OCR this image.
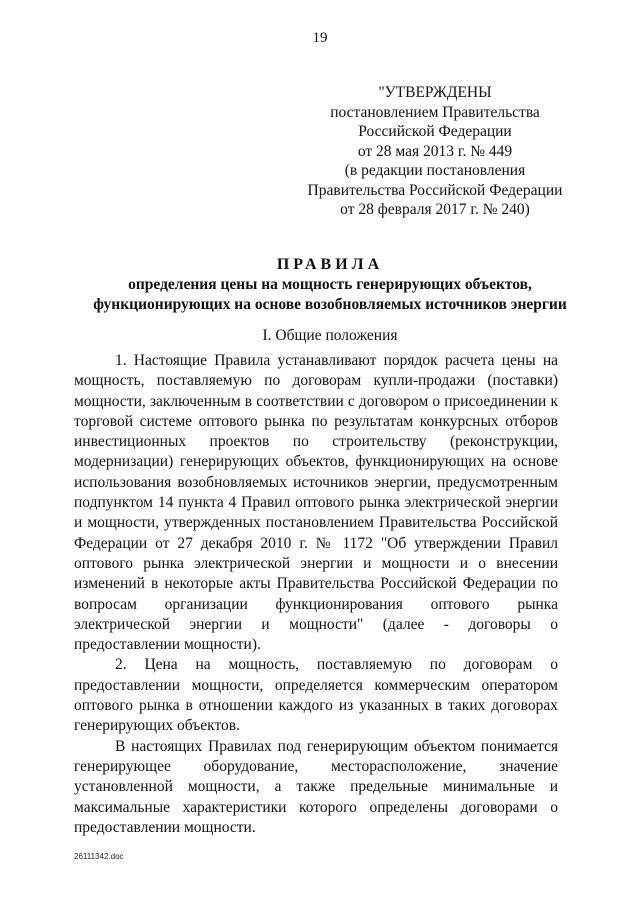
19
"УТВЕРЖДЕНЫ
постановлением Правительства
Российской Федерации
от 28 мая 2013 г. № 449
(в редакции постановления
Правительства Российской Федерации
от 28 февраля 2017 г. № 240)
ПРАВИЛА
определения цены на мощность генерирующих объектов,
функционирующих на основе возобновляемых источников энергии
I. Общие положения

1. Настоящие Правила устанавливают порядок расчета цены на мощность, поставляемую по договорам купли-продажи (поставки) мощности, заключенным в соответствии с договором о присоединении к торговой системе оптового рынка по результатам конкурсных отборов инвестиционных проектов по строительству (реконструкции, модернизации) генерирующих объектов, функционирующих на основе использования возобновляемых источников энергии, предусмотренным подпунктом 14 пункта 4 Правил оптового рынка электрической энергии и мощности, утвержденных постановлением Правительства Российской Федерации от 27 декабря 2010 г. № 1172 "Об утверждении Правил оптового рынка электрической энергии и мощности и о внесении изменений в некоторые акты Правительства Российской Федерации по вопросам организации функционирования оптового рынка электрической энергии и мощности" (далее - договоры о предоставлении мощности).

2. Цена на мощность, поставляемую по договорам о предоставлении мощности, определяется коммерческим оператором оптового рынка в отношении каждого из указанных в таких договорах генерирующих объектов.

В настоящих Правилах под генерирующим объектом понимается генерирующее оборудование, месторасположение, значение установленной мощности, а также предельные минимальные и максимальные характеристики которого определены договорами о предоставлении мощности.

26111342.doc
